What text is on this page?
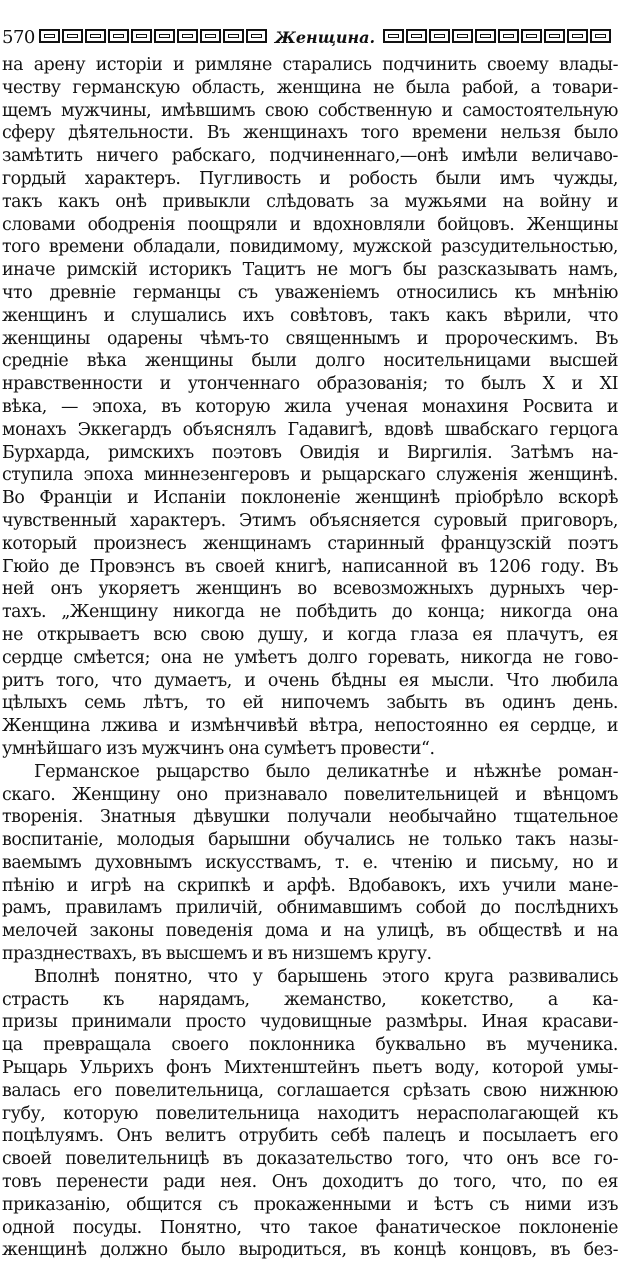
570	Женщина.
на арену исторіи и римляне старались подчинить своему влады-
честву германскую область, женщина не была рабой, а товари-
щемъ мужчины, имѣвшимъ свою собственную и самостоятельную
сферу дѣятельности. Въ женщинахъ того времени нельзя было
замѣтить ничего рабскаго, подчиненнаго,—онѣ имѣли величаво-
гордый характеръ. Пугливость и робость были имъ чужды,
такъ какъ онѣ привыкли слѣдовать за мужьями на войну и
словами ободренія поощряли и вдохновляли бойцовъ. Женщины
того времени обладали, повидимому, мужской разсудительностью,
иначе римскій историкъ Тацитъ не могъ бы разсказывать намъ,
что древніе германцы съ уваженіемъ относились къ мнѣнію
женщинъ и слушались ихъ совѣтовъ, такъ какъ вѣрили, что
женщины одарены чѣмъ-то священнымъ и пророческимъ. Въ
средніе вѣка женщины были долго носительницами высшей
нравственности и утонченнаго образованія; то былъ X и XI
вѣка, — эпоха, въ которую жила ученая монахиня Росвита и
монахъ Эккегардъ объяснялъ Гадавигѣ, вдовѣ швабскаго герцога
Бурхарда, римскихъ поэтовъ Овидія и Виргилія. Затѣмъ на-
ступила эпоха миннезенгеровъ и рыцарскаго служенія женщинѣ.
Во Франціи и Испаніи поклоненіе женщинѣ пріобрѣло вскорѣ
чувственный характеръ. Этимъ объясняется суровый приговоръ,
который произнесъ женщинамъ старинный французскій поэтъ
Гюйо де Провэнсъ въ своей книгѣ, написанной въ 1206 году. Въ
ней онъ укоряетъ женщинъ во всевозможныхъ дурныхъ чер-
тахъ. „Женщину никогда не побѣдить до конца; никогда она
не открываетъ всю свою душу, и когда глаза ея плачутъ, ея
сердце смѣется; она не умѣетъ долго горевать, никогда не гово-
ритъ того, что думаетъ, и очень бѣдны ея мысли. Что любила
цѣлыхъ семь лѣтъ, то ей нипочемъ забыть въ одинъ день.
Женщина лжива и измѣнчивѣй вѣтра, непостоянно ея сердце, и
умнѣйшаго изъ мужчинъ она сумѣетъ провести“.
Германское рыцарство было деликатнѣе и нѣжнѣе роман-
скаго. Женщину оно признавало повелительницей и вѣнцомъ
творенія. Знатныя дѣвушки получали необычайно тщательное
воспитаніе, молодыя барышни обучались не только такъ назы-
ваемымъ духовнымъ искусствамъ, т. е. чтенію и письму, но и
пѣнію и игрѣ на скрипкѣ и арфѣ. Вдобавокъ, ихъ учили мане-
рамъ, правиламъ приличій, обнимавшимъ собой до послѣднихъ
мелочей законы поведенія дома и на улицѣ, въ обществѣ и на
празднествахъ, въ высшемъ и въ низшемъ кругу.
Вполнѣ понятно, что у барышень этого круга развивались
страсть къ нарядамъ, жеманство, кокетство, а ка-
призы принимали просто чудовищные размѣры. Иная красави-
ца превращала своего поклонника буквально въ мученика.
Рыцарь Ульрихъ фонъ Михтенштейнъ пьетъ воду, которой умы-
валась его повелительница, соглашается срѣзать свою нижнюю
губу, которую повелительница находитъ нерасполагающей къ
поцѣлуямъ. Онъ велитъ отрубить себѣ палецъ и посылаетъ его
своей повелительницѣ въ доказательство того, что онъ все го-
товъ перенести ради нея. Онъ доходитъ до того, что, по ея
приказанію, общится съ прокаженными и ѣстъ съ ними изъ
одной посуды. Понятно, что такое фанатическое поклоненіе
женщинѣ должно было выродиться, въ концѣ концовъ, въ без-
